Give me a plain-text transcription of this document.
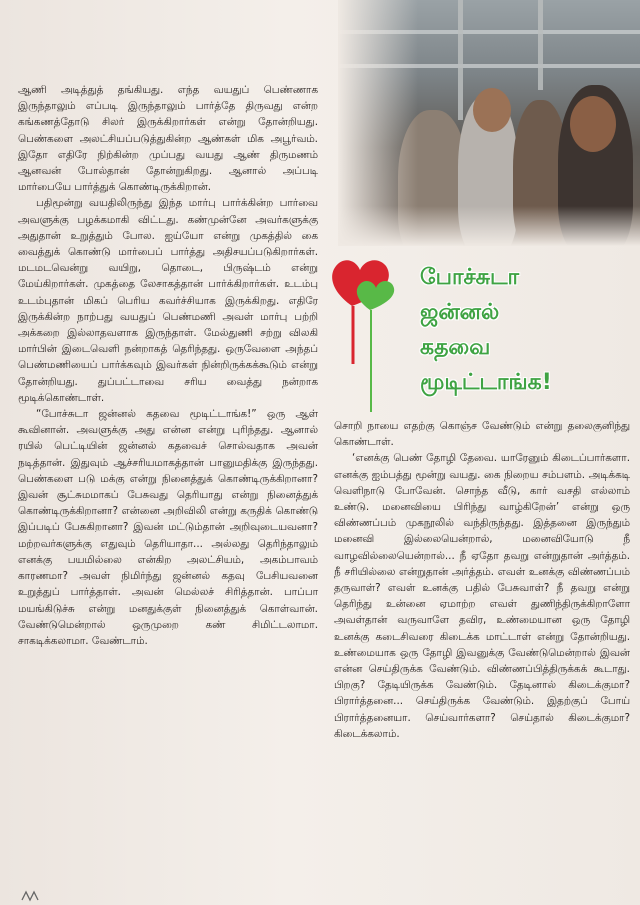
ஆணி அடித்துத் தங்கியது. எந்த வயதுப் பெண்ணாக இருந்தாலும் எப்படி இருந்தாலும் பார்த்தே திருவது என்ற கங்கணத்தோடு சிலர் இருக்கிறார்கள் என்று தோன்றியது. பெண்களை அலட்சியப்படுத்துகின்ற ஆண்கள் மிக அபூர்வம். இதோ எதிரே நிற்கின்ற முப்பது வயது ஆண் திருமணம் ஆனவன் போல்தான் தோன்றுகிறது. ஆனால் அப்படி மார்பையே பார்த்துக் கொண்டிருக்கிறான்.

பதிமூன்று வயதிலிருந்து இந்த மார்பு பார்க்கின்ற பார்வை அவளுக்கு பழக்கமாகி விட்டது. கண்முன்னே அவர்களுக்கு அதுதான் உறுத்தும் போல. ஐய்யோ என்று முகத்தில் கை வைத்துக் கொண்டு மார்பைப் பார்த்து அதிசயப்படுகிறார்கள். மடமடவென்று வயிறு, தொடை, பிருஷ்டம் என்று மேய்கிறார்கள். முகத்தை லேசாகத்தான் பார்க்கிறார்கள். உடம்பு உடம்புதான் மிகப் பெரிய கவர்ச்சியாக இருக்கிறது. எதிரே இருக்கின்ற நாற்பது வயதுப் பெண்மணி அவள் மார்பு பற்றி அக்கறை இல்லாதவளாக இருந்தாள். மேல்துணி சற்று விலகி மார்பின் இடைவெளி நன்றாகத் தெரிந்தது. ஒருவேளை அந்தப் பெண்மணியைப் பார்க்கவும் இவர்கள் நின்றிருக்கக்கூடும் என்று தோன்றியது. துப்பட்டாவை சரிய வைத்து நன்றாக மூடிக்கொண்டாள்.

“போச்சுடா ஜன்னல் கதவை மூடிட்டாங்க!” ஒரு ஆள் கூவினான். அவளுக்கு அது என்ன என்று புரிந்தது. ஆனால் ரயில் பெட்டியின் ஜன்னல் கதவைச் சொல்வதாக அவன் நடித்தான். இதுவும் ஆச்சரியமாகத்தான் பானுமதிக்கு இருந்தது. பெண்களை படு மக்கு என்று நினைத்துக் கொண்டிருக்கிறானா? இவன் சூட்சுமமாகப் பேசுவது தெரியாது என்று நினைத்துக் கொண்டிருக்கிறானா? என்னை அறிவிலி என்று கருதிக் கொண்டு இப்படிப் பேசுகிறானா? இவன் மட்டும்தான் அறிவுடையவனா? மற்றவர்களுக்கு எதுவும் தெரியாதா... அல்லது தெரிந்தாலும் எனக்கு பயமில்லை என்கிற அலட்சியம், அகம்பாவம் காரணமா? அவள் நிமிர்ந்து ஜன்னல் கதவு பேசியவனை உறுத்துப் பார்த்தாள். அவன் மெல்லச் சிரித்தான். பாப்பா மயங்கிடுச்சு என்று மனதுக்குள் நினைத்துக் கொள்வான். வேண்டுமென்றால் ஒருமுறை கண் சிமிட்டலாமா. சாகடிக்கலாமா. வேண்டாம்.

போச்சுடா
ஜன்னல்
கதவை
மூடிட்டாங்க!

சொறி நாயை எதற்கு கொஞ்ச வேண்டும் என்று தலைகுனிந்து கொண்டாள்.

‘எனக்கு பெண் தோழி தேவை. யாரேனும் கிடைப்பார்களா. எனக்கு ஐம்பத்து மூன்று வயது. கை நிறைய சம்பளம். அடிக்கடி வெளிநாடு போவேன். சொந்த வீடு, கார் வசதி எல்லாம் உண்டு. மனைவியை பிரிந்து வாழ்கிறேன்’ என்று ஒரு விண்ணப்பம் முகநூலில் வந்திருந்தது. இத்தனை இருந்தும் மனைவி இல்லையென்றால், மனைவியோடு நீ வாழவில்லையென்றால்... நீ ஏதோ தவறு என்றுதான் அர்த்தம். நீ சரியில்லை என்றுதான் அர்த்தம். எவள் உனக்கு விண்ணப்பம் தருவாள்? எவள் உனக்கு பதில் பேசுவாள்? நீ தவறு என்று தெரிந்து உன்னை ஏமாற்ற எவள் துணிந்திருக்கிறாளோ அவள்தான் வருவாளே தவிர, உண்மையான ஒரு தோழி உனக்கு கடைசிவரை கிடைக்க மாட்டாள் என்று தோன்றியது. உண்மையாக ஒரு தோழி இவனுக்கு வேண்டுமென்றால் இவன் என்ன செய்திருக்க வேண்டும். விண்ணப்பித்திருக்கக் கூடாது. பிறகு? தேடியிருக்க வேண்டும். தேடினால் கிடைக்குமா? பிரார்த்தனை... செய்திருக்க வேண்டும். இதற்குப் போய் பிரார்த்தனையா. செய்வார்களா? செய்தால் கிடைக்குமா? கிடைக்கலாம்.
